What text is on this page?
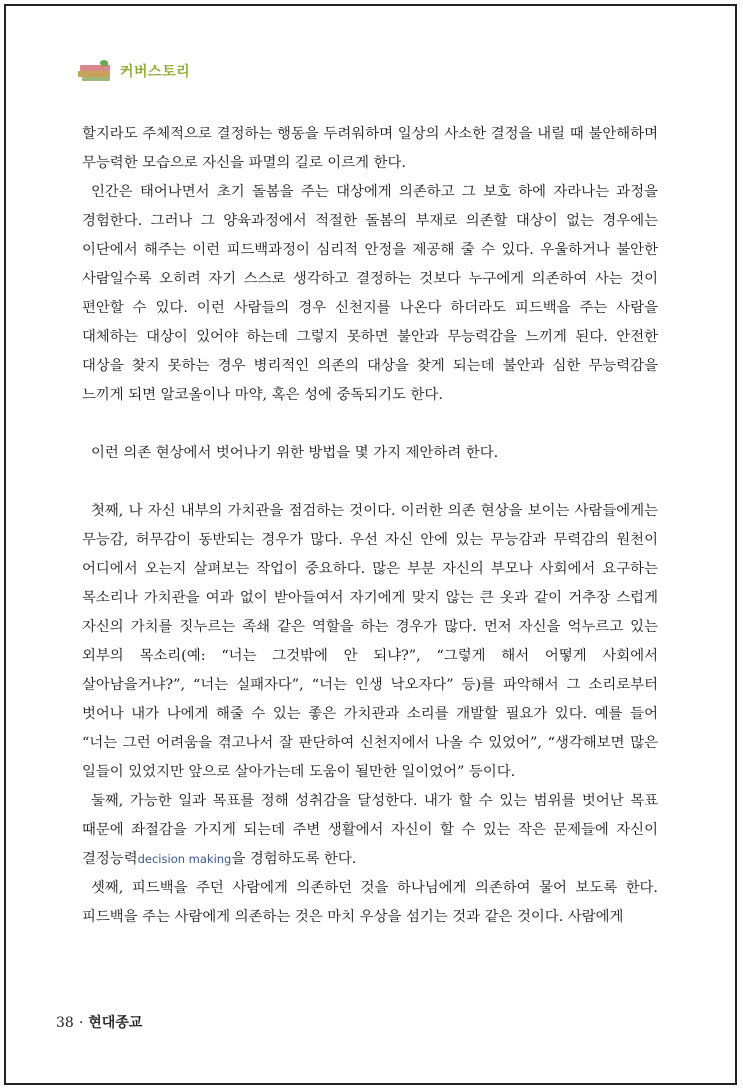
커버스토리

할지라도 주체적으로 결정하는 행동을 두려워하며 일상의 사소한 결정을 내릴 때 불안해하며 무능력한 모습으로 자신을 파멸의 길로 이르게 한다.

인간은 태어나면서 초기 돌봄을 주는 대상에게 의존하고 그 보호 하에 자라나는 과정을 경험한다. 그러나 그 양육과정에서 적절한 돌봄의 부재로 의존할 대상이 없는 경우에는 이단에서 해주는 이런 피드백과정이 심리적 안정을 제공해 줄 수 있다. 우울하거나 불안한 사람일수록 오히려 자기 스스로 생각하고 결정하는 것보다 누구에게 의존하여 사는 것이 편안할 수 있다. 이런 사람들의 경우 신천지를 나온다 하더라도 피드백을 주는 사람을 대체하는 대상이 있어야 하는데 그렇지 못하면 불안과 무능력감을 느끼게 된다. 안전한 대상을 찾지 못하는 경우 병리적인 의존의 대상을 찾게 되는데 불안과 심한 무능력감을 느끼게 되면 알코올이나 마약, 혹은 성에 중독되기도 한다.

이런 의존 현상에서 벗어나기 위한 방법을 몇 가지 제안하려 한다.

첫째, 나 자신 내부의 가치관을 점검하는 것이다. 이러한 의존 현상을 보이는 사람들에게는 무능감, 허무감이 동반되는 경우가 많다. 우선 자신 안에 있는 무능감과 무력감의 원천이 어디에서 오는지 살펴보는 작업이 중요하다. 많은 부분 자신의 부모나 사회에서 요구하는 목소리나 가치관을 여과 없이 받아들여서 자기에게 맞지 않는 큰 옷과 같이 거추장 스럽게 자신의 가치를 짓누르는 족쇄 같은 역할을 하는 경우가 많다. 먼저 자신을 억누르고 있는 외부의 목소리(예: “너는 그것밖에 안 되냐?”, “그렇게 해서 어떻게 사회에서 살아남을거냐?”, “너는 실패자다”, “너는 인생 낙오자다” 등)를 파악해서 그 소리로부터 벗어나 내가 나에게 해줄 수 있는 좋은 가치관과 소리를 개발할 필요가 있다. 예를 들어 “너는 그런 어려움을 겪고나서 잘 판단하여 신천지에서 나올 수 있었어”, “생각해보면 많은 일들이 있었지만 앞으로 살아가는데 도움이 될만한 일이었어” 등이다.

둘째, 가능한 일과 목표를 정해 성취감을 달성한다. 내가 할 수 있는 범위를 벗어난 목표 때문에 좌절감을 가지게 되는데 주변 생활에서 자신이 할 수 있는 작은 문제들에 자신이 결정능력decision making을 경험하도록 한다.

셋째, 피드백을 주던 사람에게 의존하던 것을 하나님에게 의존하여 물어 보도록 한다. 피드백을 주는 사람에게 의존하는 것은 마치 우상을 섬기는 것과 같은 것이다. 사람에게

38 · 현대종교
